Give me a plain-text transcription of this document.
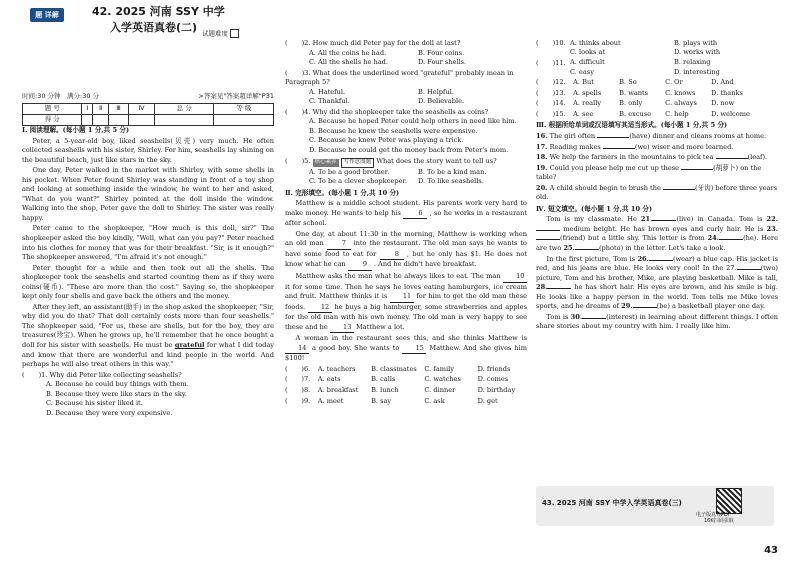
题 详解	42. 2025 河南 SSY 中学
入学英语真卷(二) 试题难度
时间:30 分钟　满分:30 分	>答案见"答案超详解"P31
题 号	Ⅰ	Ⅱ	Ⅲ	Ⅳ	总 分	等 级
得 分						
Ⅰ. 阅读理解。(每小题 1 分,共 5 分)
Peter, a 5-year-old boy, liked seashells(贝壳) very much. He often collected seashells with his sister, Shirley. For him, seashells lay shining on the beautiful beach, just like stars in the sky.
One day, Peter walked in the market with Shirley, with some shells in his pocket. When Peter found Shirley was standing in front of a toy shop and looking at something inside the window, he went to her and asked, "What do you want?" Shirley pointed at the doll inside the window. Walking into the shop, Peter gave the doll to Shirley. The sister was really happy.
Peter came to the shopkeeper, "How much is this doll, sir?" The shopkeeper asked the boy kindly, "Well, what can you pay?" Peter reached into his clothes for money that was for their breakfast. "Sir, is it enough?" The shopkeeper answered, "I'm afraid it's not enough."
Peter thought for a while and then took out all the shells. The shopkeeper took the seashells and started counting them as if they were coins(硬币). "These are more than the cost." Saying so, the shopkeeper kept only four shells and gave back the others and the money.
After they left, an assistant(助手) in the shop asked the shopkeeper, "Sir, why did you do that? That doll certainly costs more than four seashells." The shopkeeper said, "For us, these are shells, but for the boy, they are treasures(珍宝). When he grows up, he'll remember that he once bought a doll for his sister with seashells. He must be grateful for what I did today and know that there are wonderful and kind people in the world. And perhaps he will also treat others in this way."
( )1. Why did Peter like collecting seashells?
A. Because he could buy things with them.
B. Because they were like stars in the sky.
C. Because his sister liked it.
D. Because they were very expensive.
( )2. How much did Peter pay for the doll at last?
A. All the coins he had.	B. Four coins.
C. All the shells he had.	D. Four shells.
( )3. What does the underlined word "grateful" probably mean in Paragraph 5?
A. Hateful.	B. Helpful.
C. Thankful.	D. Believable.
( )4. Why did the shopkeeper take the seashells as coins?
A. Because he hoped Peter could help others in need like him.
B. Because he knew the seashells were expensive.
C. Because he knew Peter was playing a trick.
D. Because he could get the money back from Peter's mom.
( )5. 核心素养 写作意图题 What does the story want to tell us?
A. To be a good brother.	B. To be a kind man.
C. To be a clever shopkeeper.	D. To like seashells.
Ⅱ. 完形填空。(每小题 1 分,共 10 分)
Matthew is a middle school student. His parents work very hard to make money. He wants to help his	6 , so he works in a restaurant after school.
One day, at about 11:30 in the morning, Matthew is working when an old man	7 into the restaurant. The old man says he wants to have some food to eat for	8 , but he only has $1. He does not know what he can	9 . And he didn't have breakfast.
Matthew asks the man what he always likes to eat. The man 10 it for some time. Then he says he loves eating hamburgers, ice cream and fruit. Matthew thinks it is 11 for him to get the old man these foods. 12 he buys a big hamburger, some strawberries and apples for the old man with his own money. The old man is very happy to see these and he 13 Matthew a lot.
A woman in the restaurant sees this, and she thinks Matthew is 14 a good boy. She wants to 15 Matthew. And she gives him $100!
( ) 6.	A. teachers	B. classmates	C. family	D. friends
( ) 7.	A. eats	B. calls	C. watches	D. comes
( ) 8.	A. breakfast	B. lunch	C. dinner	D. birthday
( ) 9.	A. meet	B. say	C. ask	D. get
( )10. A. thinks about	B. plays with
C. looks at	D. works with
( )11. A. difficult	B. relaxing
C. easy	D. interesting
( ) 12.	A. But	B. So	C. Or	D. And
( ) 13.	A. spells	B. wants	C. knows	D. thanks
( ) 14.	A. really	B. only	C. always	D. now
( ) 15.	A. see	B. excuse	C. help	D. welcome
Ⅲ. 根据所给单词或汉语填写其适当形式。(每小题 1 分,共 5 分)
16. The girl often	(have) dinner and cleans rooms at home.
17. Reading makes	(we) wiser and more learned.
18. We help the farmers in the mountains to pick tea	(leaf).
19. Could you please help me cut up these	(胡萝卜) on the table?
20. A child should begin to brush the	(牙齿) before three years old.
Ⅳ. 短文填空。(每小题 1 分,共 10 分)
Tom is my classmate. He 21.	(live) in Canada. Tom is 22. medium height. He has brown eyes and curly hair. He is 23.(friend) but a little shy. This letter is from 24.	(he). Here are two 25.	(photo) in the letter. Let's take a look.
In the first picture, Tom is 26.	(wear) a blue cap. His jacket is red, and his jeans are blue. He looks very cool! In the 27.	(two) picture, Tom and his brother, Mike, are playing basketball. Mike is tall, 28.	he has short hair. His eyes are brown, and his smile is big. He looks like a happy person in the world. Tom tells me Mike loves sports, and he dreams of 29.	(be) a basketball player one day.
Tom is 30.	(interest) in learning about different things. I often share stories about my country with him. I really like him.
43. 2025 河南 SSY 中学入学英语真卷(三)
电子版真卷PDF
16K扫码获取
43
